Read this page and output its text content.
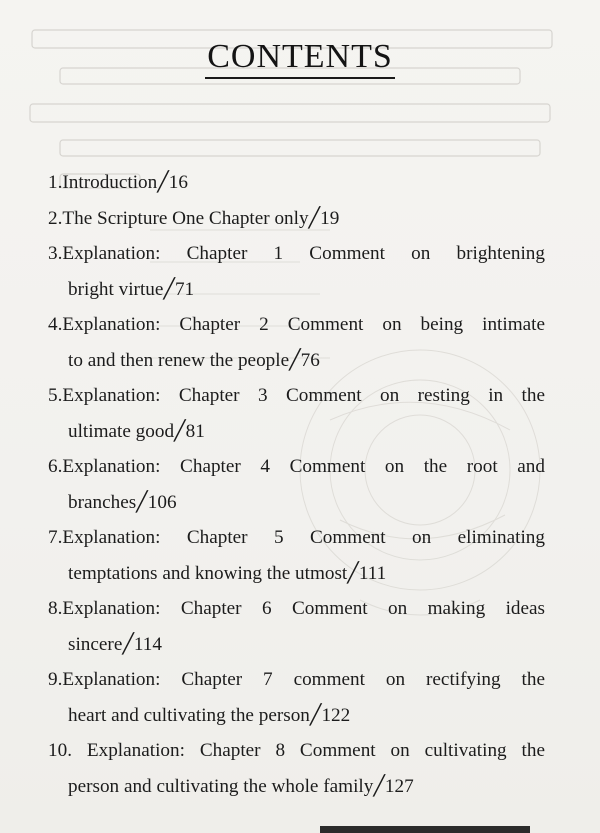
CONTENTS
1.Introduction╱16
2.The Scripture One Chapter only╱19
3.Explanation: Chapter 1 Comment on brightening
bright virtue╱71
4.Explanation: Chapter 2 Comment on being intimate
to and then renew the people╱76
5.Explanation: Chapter 3 Comment on resting in the
ultimate good╱81
6.Explanation: Chapter 4 Comment on the root and
branches╱106
7.Explanation: Chapter 5 Comment on eliminating
temptations and knowing the utmost╱111
8.Explanation: Chapter 6 Comment on making ideas
sincere╱114
9.Explanation: Chapter 7 comment on rectifying the
heart and cultivating the person╱122
10. Explanation: Chapter 8 Comment on cultivating the
person and cultivating the whole family╱127
